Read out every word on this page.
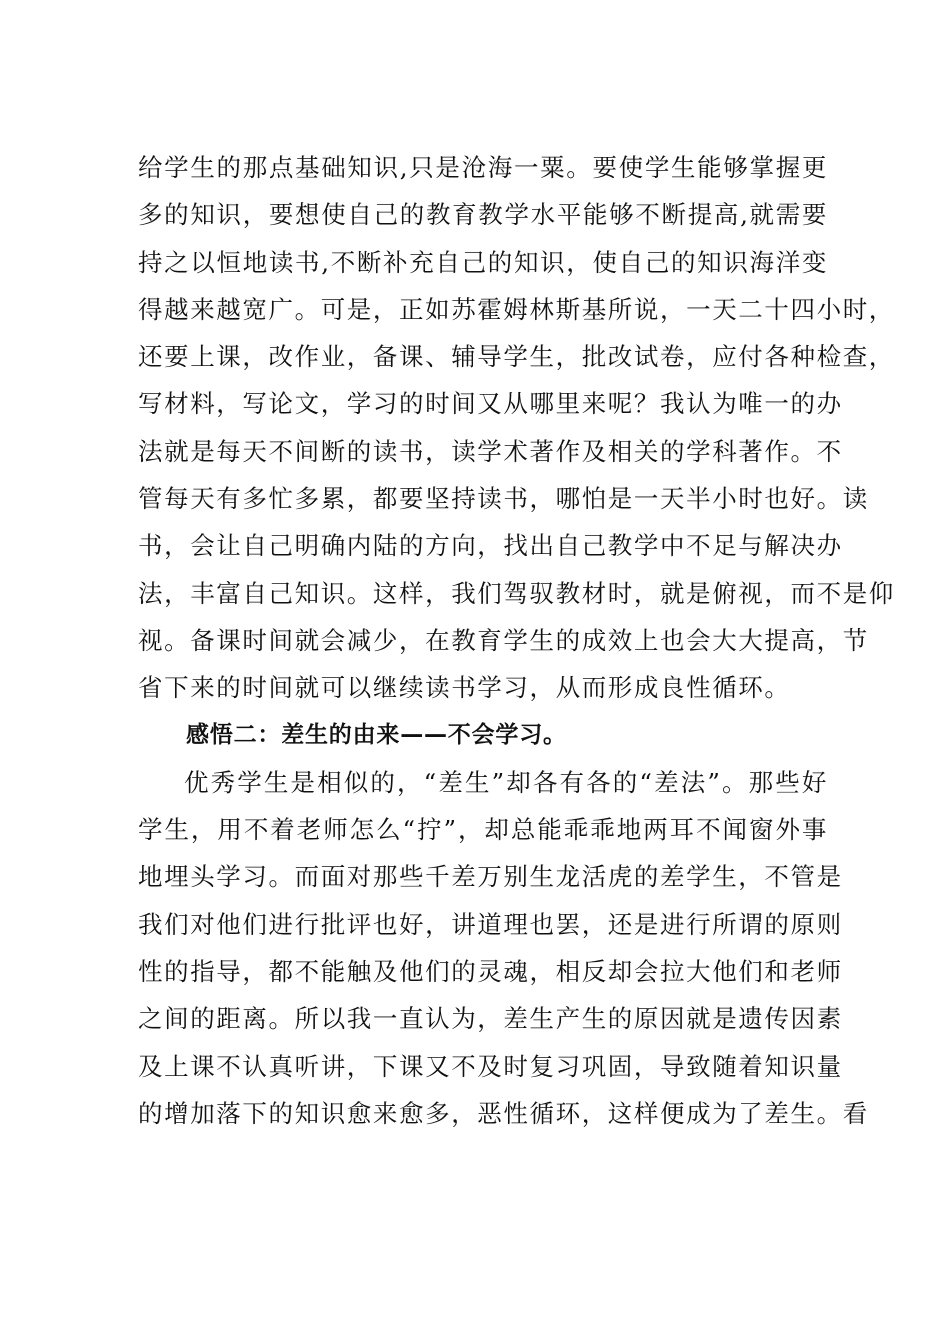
给学生的那点基础知识,只是沧海一粟。要使学生能够掌握更
多的知识，要想使自己的教育教学水平能够不断提高,就需要
持之以恒地读书,不断补充自己的知识，使自己的知识海洋变
得越来越宽广。可是，正如苏霍姆林斯基所说，一天二十四小时，
还要上课，改作业，备课、辅导学生，批改试卷，应付各种检查，
写材料，写论文，学习的时间又从哪里来呢？我认为唯一的办
法就是每天不间断的读书，读学术著作及相关的学科著作。不
管每天有多忙多累，都要坚持读书，哪怕是一天半小时也好。读
书，会让自己明确内陆的方向，找出自己教学中不足与解决办
法，丰富自己知识。这样，我们驾驭教材时，就是俯视，而不是仰
视。备课时间就会减少，在教育学生的成效上也会大大提高，节
省下来的时间就可以继续读书学习，从而形成良性循环。
感悟二：差生的由来——不会学习。
优秀学生是相似的，“差生”却各有各的“差法”。那些好
学生，用不着老师怎么“拧”，却总能乖乖地两耳不闻窗外事
地埋头学习。而面对那些千差万别生龙活虎的差学生，不管是
我们对他们进行批评也好，讲道理也罢，还是进行所谓的原则
性的指导，都不能触及他们的灵魂，相反却会拉大他们和老师
之间的距离。所以我一直认为，差生产生的原因就是遗传因素
及上课不认真听讲，下课又不及时复习巩固，导致随着知识量
的增加落下的知识愈来愈多，恶性循环，这样便成为了差生。看
